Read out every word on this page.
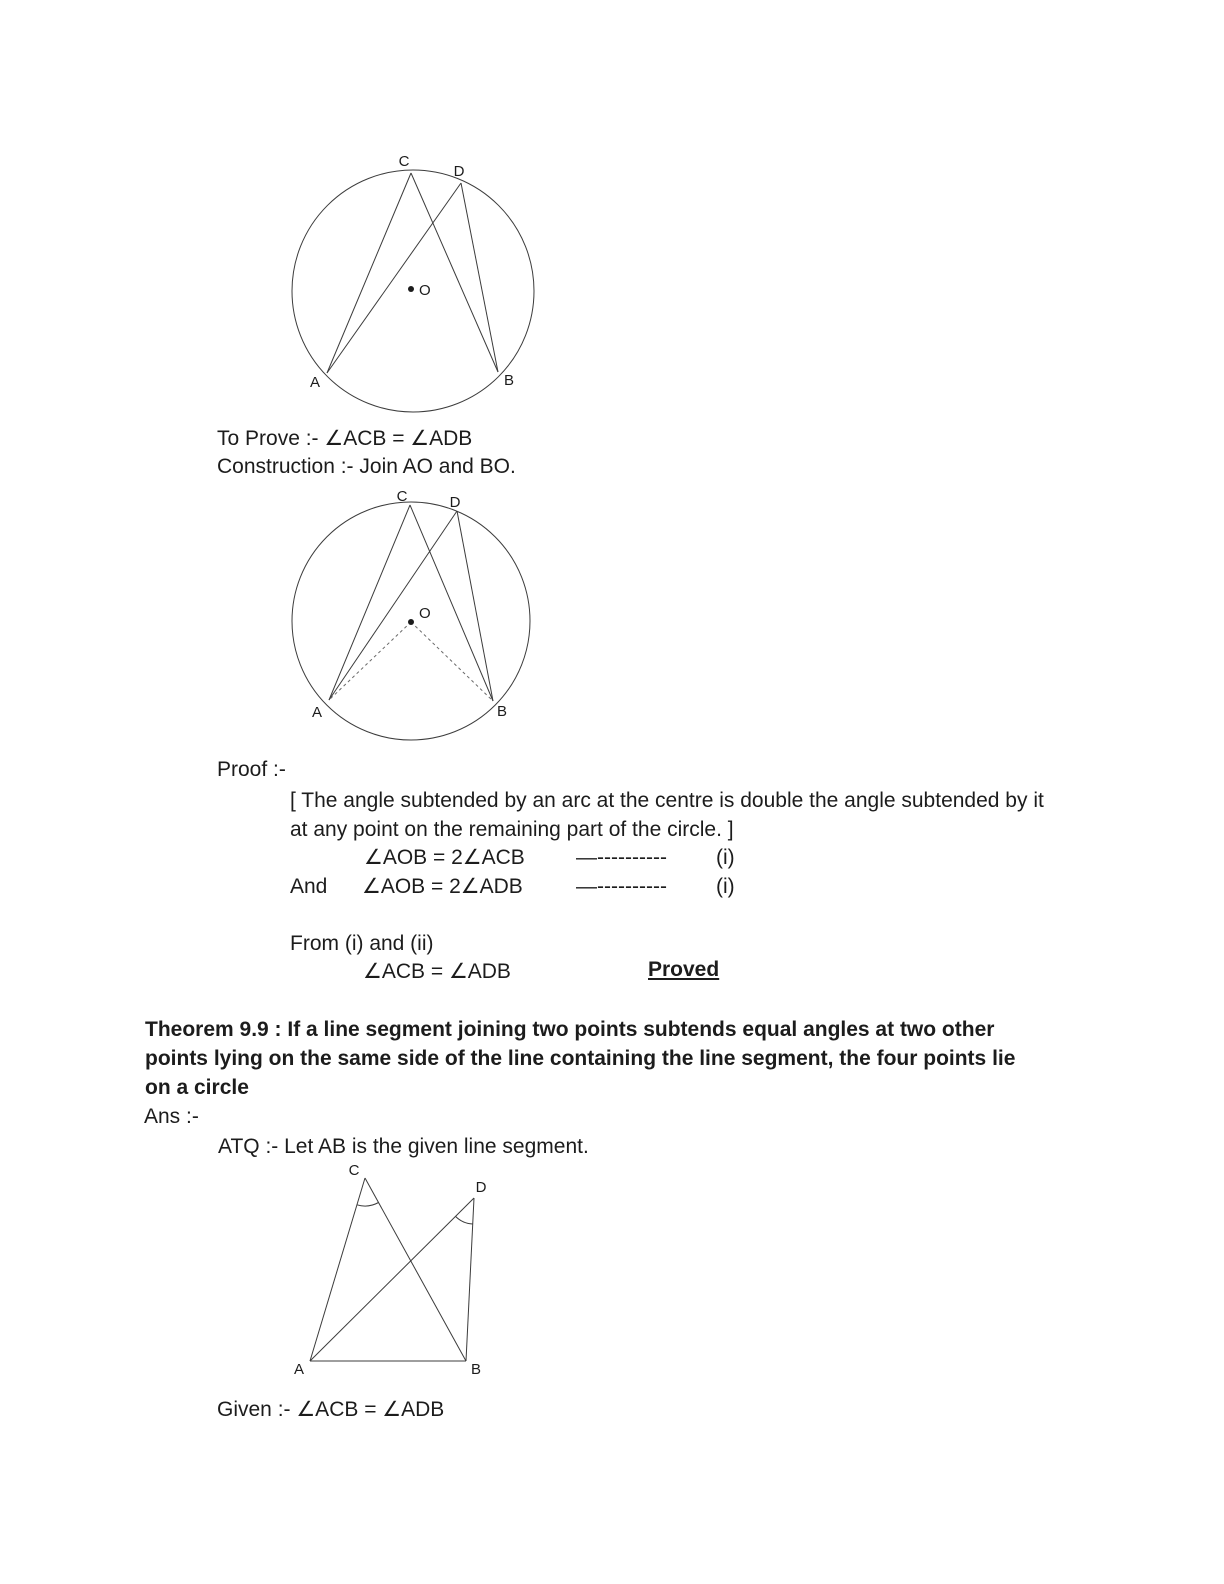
C
D
A	B
O
To Prove :- ∠ACB = ∠ADB
Construction :- Join AO and BO.
C	D
A	B
O
Proof :-
[ The angle subtended by an arc at the centre is double the angle subtended by it
at any point on the remaining part of the circle. ]
∠AOB = 2∠ACB —---------- (i)
And ∠AOB = 2∠ADB	—---------- (i)
From (i) and (ii)
∠ACB = ∠ADB	Proved
Theorem 9.9 : If a line segment joining two points subtends equal angles at two other
points lying on the same side of the line containing the line segment, the four points lie
on a circle
Ans :-
ATQ :- Let AB is the given line segment.
C
D
A	B
Given :- ∠ACB = ∠ADB
